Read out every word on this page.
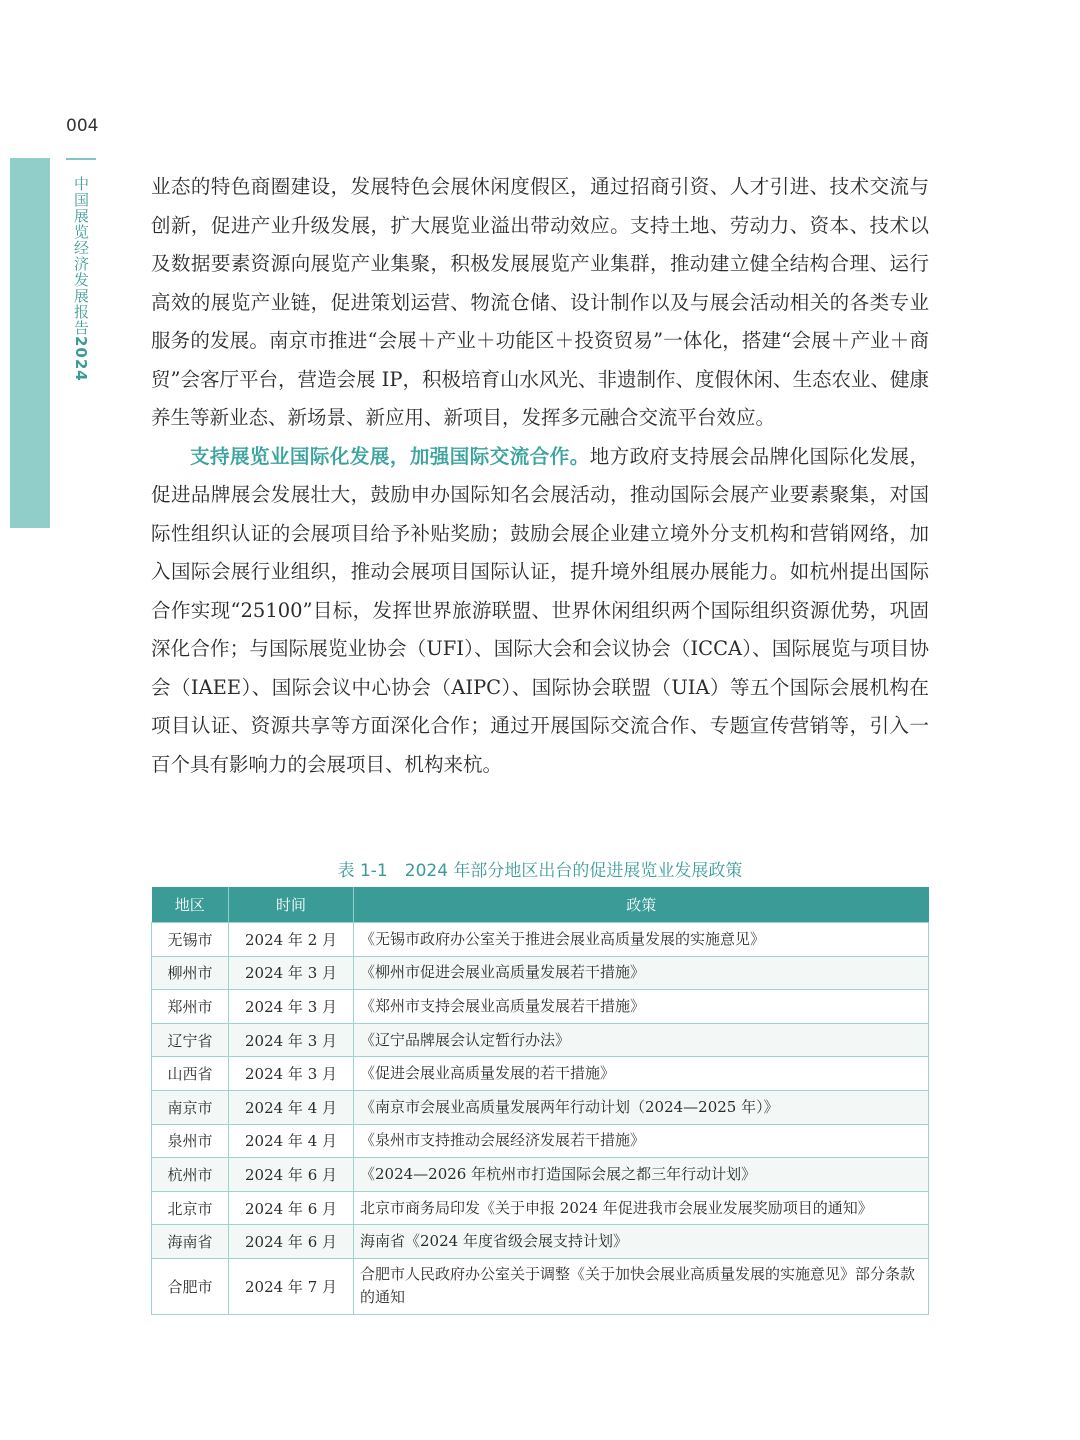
004
中国展览经济发展报告2024

业态的特色商圈建设，发展特色会展休闲度假区，通过招商引资、人才引进、技术交流与创新，促进产业升级发展，扩大展览业溢出带动效应。支持土地、劳动力、资本、技术以及数据要素资源向展览产业集聚，积极发展展览产业集群，推动建立健全结构合理、运行高效的展览产业链，促进策划运营、物流仓储、设计制作以及与展会活动相关的各类专业服务的发展。南京市推进“会展＋产业＋功能区＋投资贸易”一体化，搭建“会展＋产业＋商贸”会客厅平台，营造会展 IP，积极培育山水风光、非遗制作、度假休闲、生态农业、健康养生等新业态、新场景、新应用、新项目，发挥多元融合交流平台效应。

支持展览业国际化发展，加强国际交流合作。地方政府支持展会品牌化国际化发展，促进品牌展会发展壮大，鼓励申办国际知名会展活动，推动国际会展产业要素聚集，对国际性组织认证的会展项目给予补贴奖励；鼓励会展企业建立境外分支机构和营销网络，加入国际会展行业组织，推动会展项目国际认证，提升境外组展办展能力。如杭州提出国际合作实现“25100”目标，发挥世界旅游联盟、世界休闲组织两个国际组织资源优势，巩固深化合作；与国际展览业协会（UFI）、国际大会和会议协会（ICCA）、国际展览与项目协会（IAEE）、国际会议中心协会（AIPC）、国际协会联盟（UIA）等五个国际会展机构在项目认证、资源共享等方面深化合作；通过开展国际交流合作、专题宣传营销等，引入一百个具有影响力的会展项目、机构来杭。

表 1-1　2024 年部分地区出台的促进展览业发展政策
地区	时间	政策
无锡市	2024 年 2 月	《无锡市政府办公室关于推进会展业高质量发展的实施意见》
柳州市	2024 年 3 月	《柳州市促进会展业高质量发展若干措施》
郑州市	2024 年 3 月	《郑州市支持会展业高质量发展若干措施》
辽宁省	2024 年 3 月	《辽宁品牌展会认定暂行办法》
山西省	2024 年 3 月	《促进会展业高质量发展的若干措施》
南京市	2024 年 4 月	《南京市会展业高质量发展两年行动计划（2024—2025 年）》
泉州市	2024 年 4 月	《泉州市支持推动会展经济发展若干措施》
杭州市	2024 年 6 月	《2024—2026 年杭州市打造国际会展之都三年行动计划》
北京市	2024 年 6 月	北京市商务局印发《关于申报 2024 年促进我市会展业发展奖励项目的通知》
海南省	2024 年 6 月	海南省《2024 年度省级会展支持计划》
合肥市	2024 年 7 月	合肥市人民政府办公室关于调整《关于加快会展业高质量发展的实施意见》部分条款的通知
